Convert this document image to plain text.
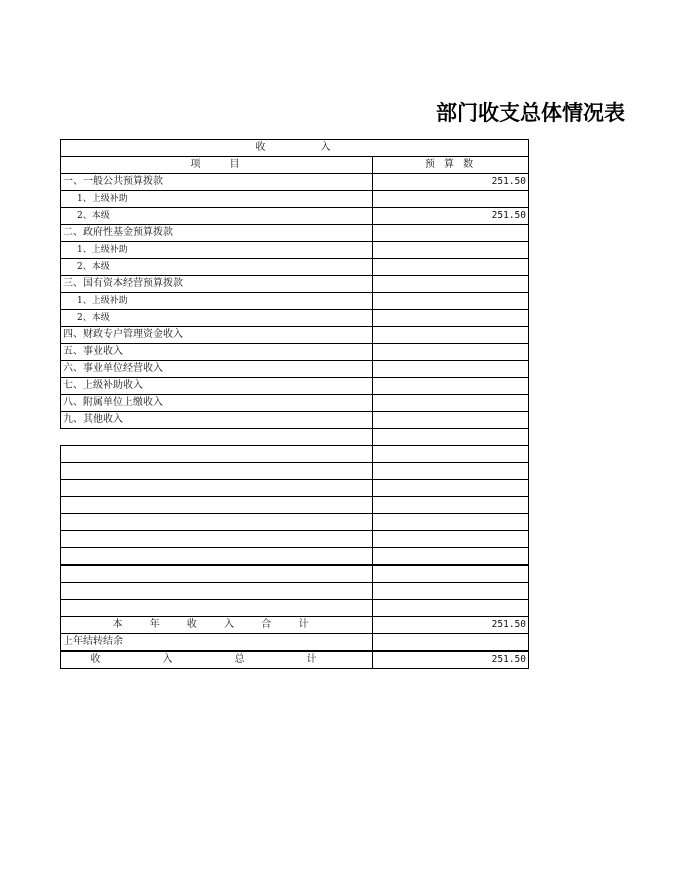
部门收支总体情况表
收　　　　入	
项　　目	预 算 数
一、一般公共预算拨款	251.50
1、上级补助	
2、本级	251.50
二、政府性基金预算拨款	
1、上级补助	
2、本级	
三、国有资本经营预算拨款	
1、上级补助	
2、本级	
四、财政专户管理资金收入	
五、事业收入	
六、事业单位经营收入	
七、上级补助收入	
八、附属单位上缴收入	
九、其他收入	

本 年 收 入 合 计	251.50
上年结转结余	
收　入　总　计	251.50
